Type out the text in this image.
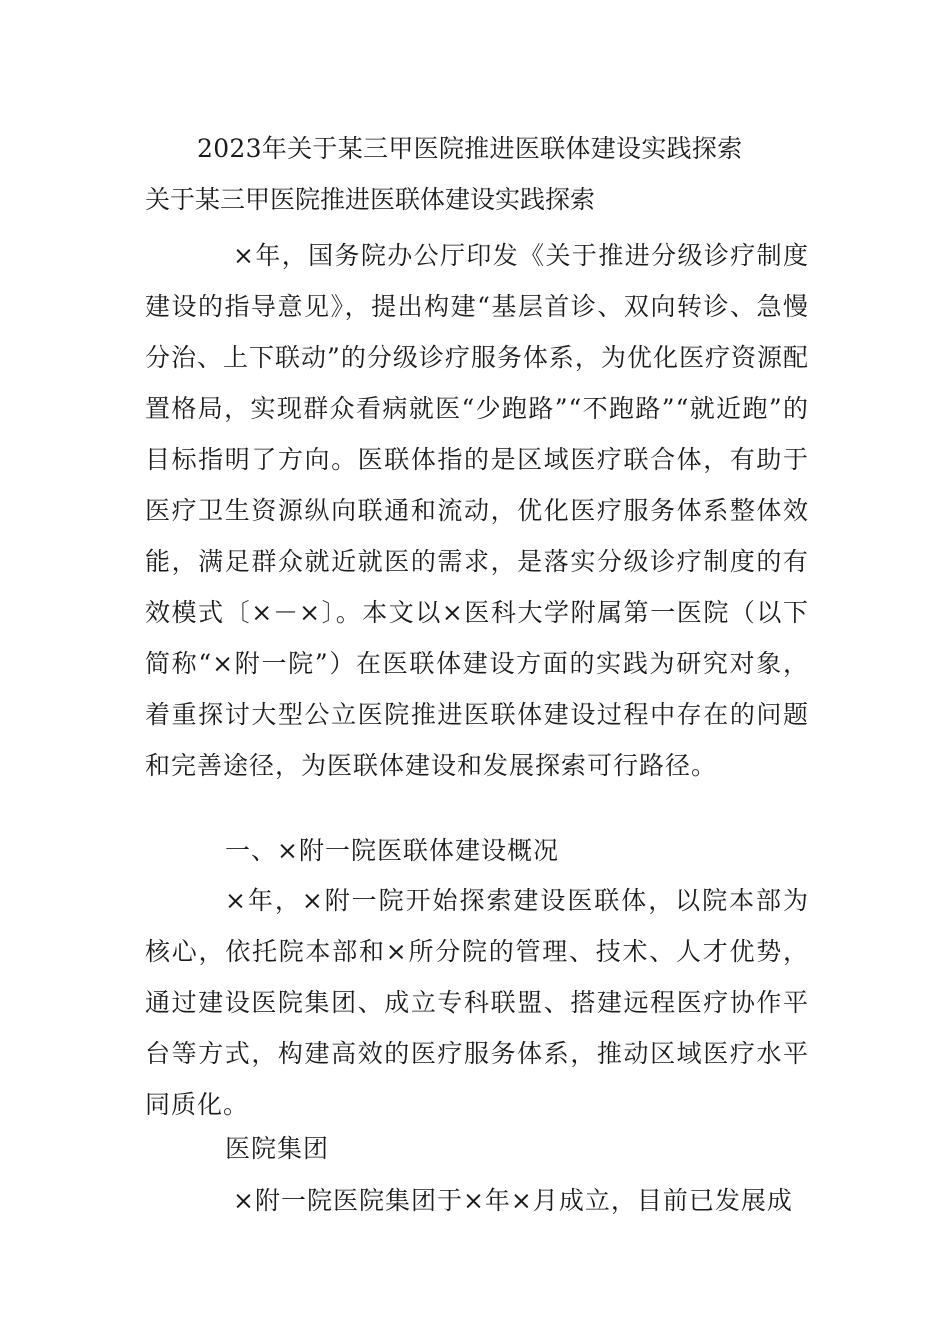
2023年关于某三甲医院推进医联体建设实践探索
关于某三甲医院推进医联体建设实践探索
×年，国务院办公厅印发《关于推进分级诊疗制度建设的指导意见》，提出构建“基层首诊、双向转诊、急慢分治、上下联动”的分级诊疗服务体系，为优化医疗资源配置格局，实现群众看病就医“少跑路”“不跑路”“就近跑”的目标指明了方向。医联体指的是区域医疗联合体，有助于医疗卫生资源纵向联通和流动，优化医疗服务体系整体效能，满足群众就近就医的需求，是落实分级诊疗制度的有效模式〔×－×〕。本文以×医科大学附属第一医院（以下简称“×附一院”）在医联体建设方面的实践为研究对象，着重探讨大型公立医院推进医联体建设过程中存在的问题和完善途径，为医联体建设和发展探索可行路径。
一、×附一院医联体建设概况
×年，×附一院开始探索建设医联体，以院本部为核心，依托院本部和×所分院的管理、技术、人才优势，通过建设医院集团、成立专科联盟、搭建远程医疗协作平台等方式，构建高效的医疗服务体系，推动区域医疗水平同质化。
医院集团
×附一院医院集团于×年×月成立，目前已发展成
